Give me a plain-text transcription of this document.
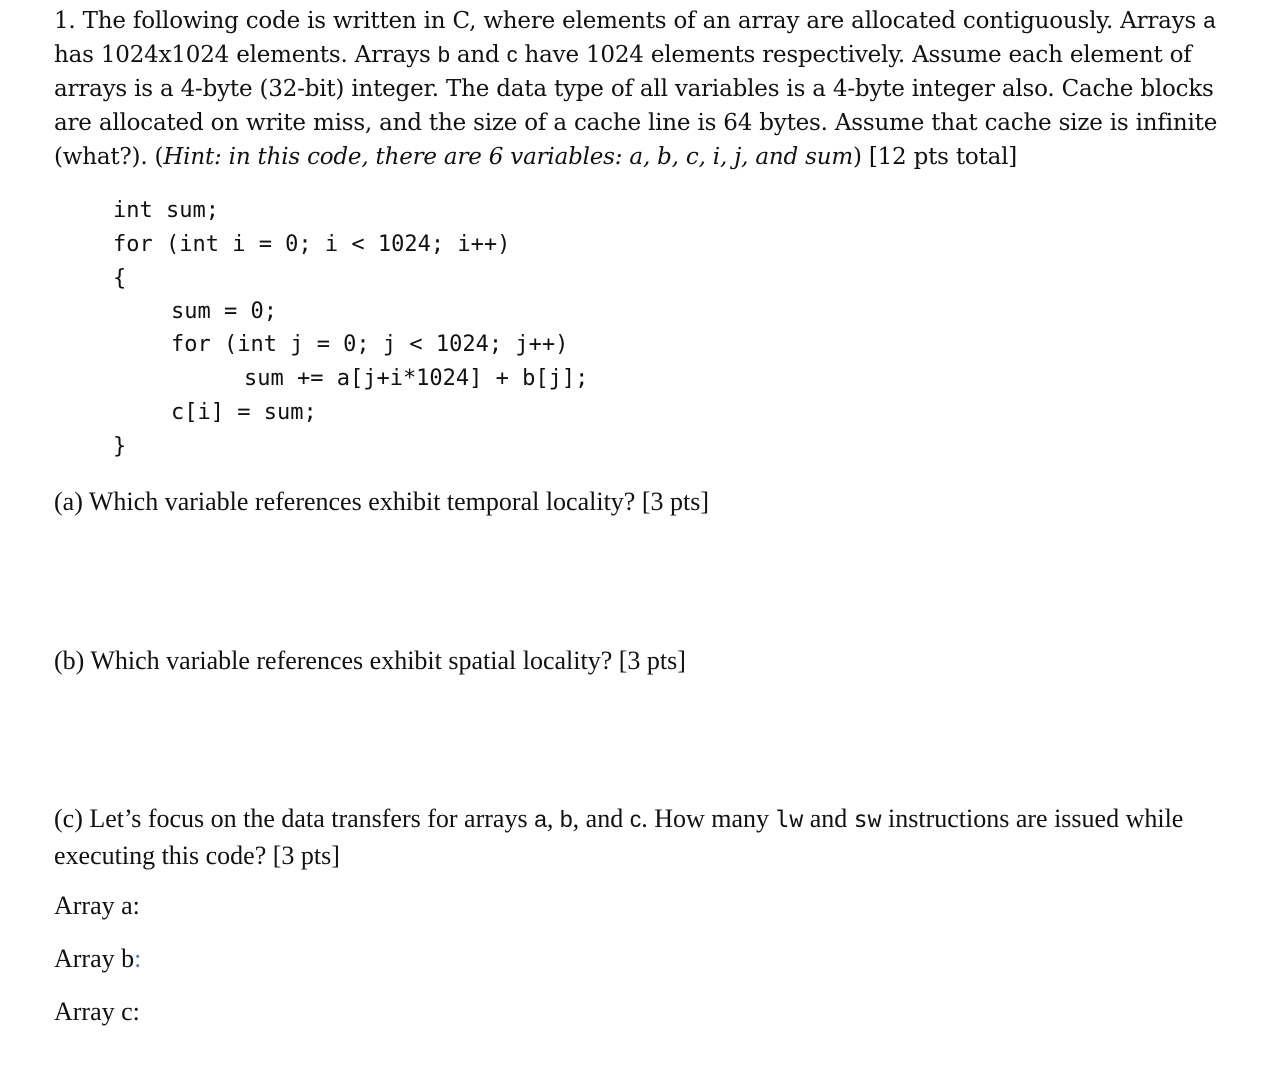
1. The following code is written in C, where elements of an array are allocated contiguously. Arrays a has 1024x1024 elements. Arrays b and c have 1024 elements respectively. Assume each element of arrays is a 4-byte (32-bit) integer. The data type of all variables is a 4-byte integer also. Cache blocks are allocated on write miss, and the size of a cache line is 64 bytes. Assume that cache size is infinite (what?). (Hint: in this code, there are 6 variables: a, b, c, i, j, and sum) [12 pts total]
int sum;
for (int i = 0; i < 1024; i++)
{
sum = 0;
for (int j = 0; j < 1024; j++)
sum += a[j+i*1024] + b[j];
c[i] = sum;
}
(a) Which variable references exhibit temporal locality? [3 pts]
(b) Which variable references exhibit spatial locality? [3 pts]
(c) Let’s focus on the data transfers for arrays a, b, and c. How many lw and sw instructions are issued while executing this code? [3 pts]
Array a:
Array b:
Array c:
